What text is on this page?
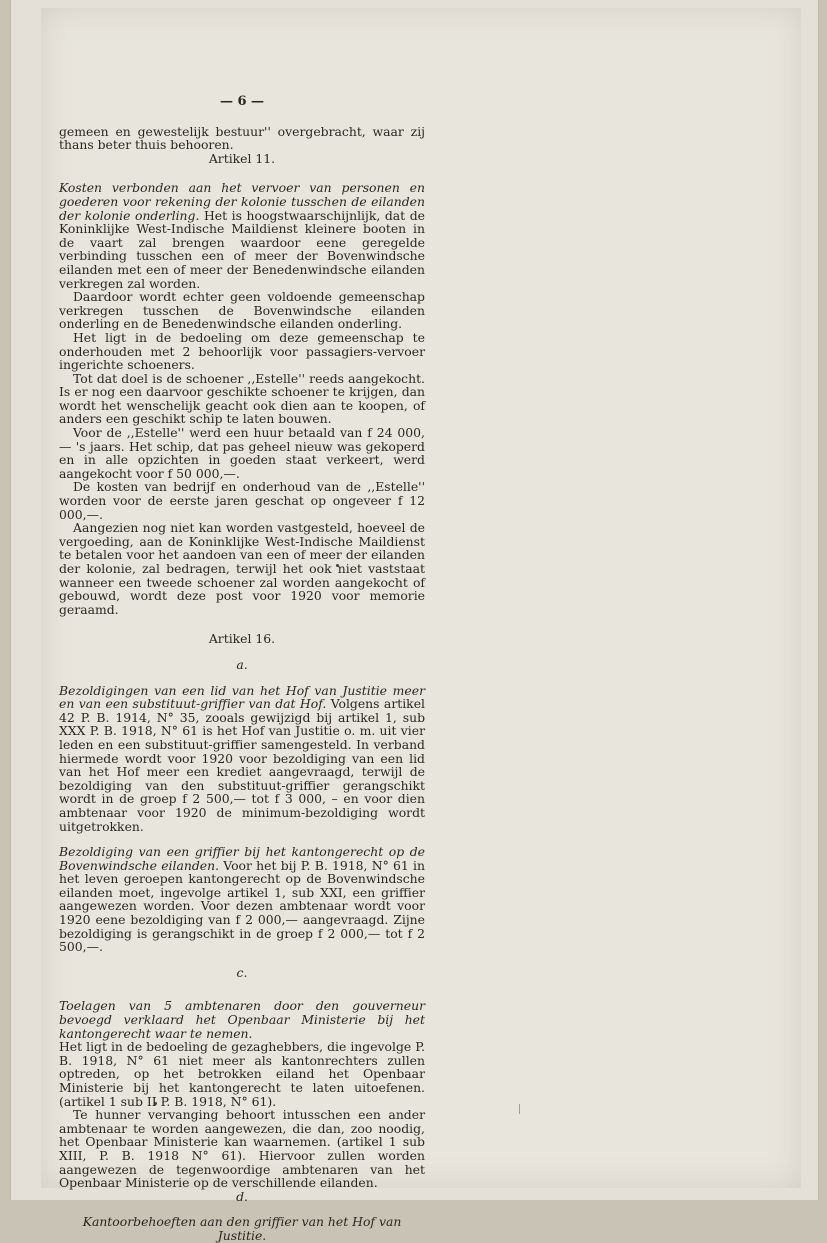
— 6 —

gemeen en gewestelijk bestuur'' overgebracht, waar zij thans beter thuis behooren.

Artikel 11.

Kosten verbonden aan het vervoer van personen en goederen voor rekening der kolonie tusschen de eilanden der kolonie onderling. Het is hoogstwaarschijnlijk, dat de Koninklijke West-Indische Maildienst kleinere booten in de vaart zal brengen waardoor eene geregelde verbinding tusschen een of meer der Bovenwindsche eilanden met een of meer der Benedenwindsche eilanden verkregen zal worden.

Daardoor wordt echter geen voldoende gemeenschap verkregen tusschen de Bovenwindsche eilanden onderling en de Benedenwindsche eilanden onderling.

Het ligt in de bedoeling om deze gemeenschap te onderhouden met 2 behoorlijk voor passagiers-vervoer ingerichte schoeners.

Tot dat doel is de schoener ,,Estelle'' reeds aangekocht. Is er nog een daarvoor geschikte schoener te krijgen, dan wordt het wenschelijk geacht ook dien aan te koopen, of anders een geschikt schip te laten bouwen.

Voor de ,,Estelle'' werd een huur betaald van f 24 000,— 's jaars. Het schip, dat pas geheel nieuw was gekoperd en in alle opzichten in goeden staat verkeert, werd aangekocht voor f 50 000,—.

De kosten van bedrijf en onderhoud van de ,,Estelle'' worden voor de eerste jaren geschat op ongeveer f 12 000,—.

Aangezien nog niet kan worden vastgesteld, hoeveel de vergoeding, aan de Koninklijke West-Indische Maildienst te betalen voor het aandoen van een of meer der eilanden der kolonie, zal bedragen, terwijl het ook niet vaststaat wanneer een tweede schoener zal worden aangekocht of gebouwd, wordt deze post voor 1920 voor memorie geraamd.

Artikel 16.

a.

Bezoldigingen van een lid van het Hof van Justitie meer en van een substituut-griffier van dat Hof. Volgens artikel 42 P. B. 1914, N° 35, zooals gewijzigd bij artikel 1, sub XXX P. B. 1918, N° 61 is het Hof van Justitie o. m. uit vier leden en een substituut-griffier samengesteld. In verband hiermede wordt voor 1920 voor bezoldiging van een lid van het Hof meer een krediet aangevraagd, terwijl de bezoldiging van den substituut-griffier gerangschikt wordt in de groep f 2 500,— tot f 3 000, – en voor dien ambtenaar voor 1920 de minimum-bezoldiging wordt uitgetrokken.

Bezoldiging van een griffier bij het kantongerecht op de Bovenwindsche eilanden. Voor het bij P. B. 1918, N° 61 in het leven geroepen kantongerecht op de Bovenwindsche eilanden moet, ingevolge artikel 1, sub XXI, een griffier aangewezen worden. Voor dezen ambtenaar wordt voor 1920 eene bezoldiging van f 2 000,— aangevraagd. Zijne bezoldiging is gerangschikt in de groep f 2 000,— tot f 2 500,—.

c.

Toelagen van 5 ambtenaren door den gouverneur bevoegd verklaard het Openbaar Ministerie bij het kantongerecht waar te nemen.

Het ligt in de bedoeling de gezaghebbers, die ingevolge P. B. 1918, N° 61 niet meer als kantonrechters zullen optreden, op het betrokken eiland het Openbaar Ministerie bij het kantongerecht te laten uitoefenen. (artikel 1 sub II P. B. 1918, N° 61).

Te hunner vervanging behoort intusschen een ander ambtenaar te worden aangewezen, die dan, zoo noodig, het Openbaar Ministerie kan waarnemen. (artikel 1 sub XIII, P. B. 1918 N° 61). Hiervoor zullen worden aangewezen de tegenwoordige ambtenaren van het Openbaar Ministerie op de verschillende eilanden.

d.

Kantoorbehoeften aan den griffier van het Hof van Justitie.
